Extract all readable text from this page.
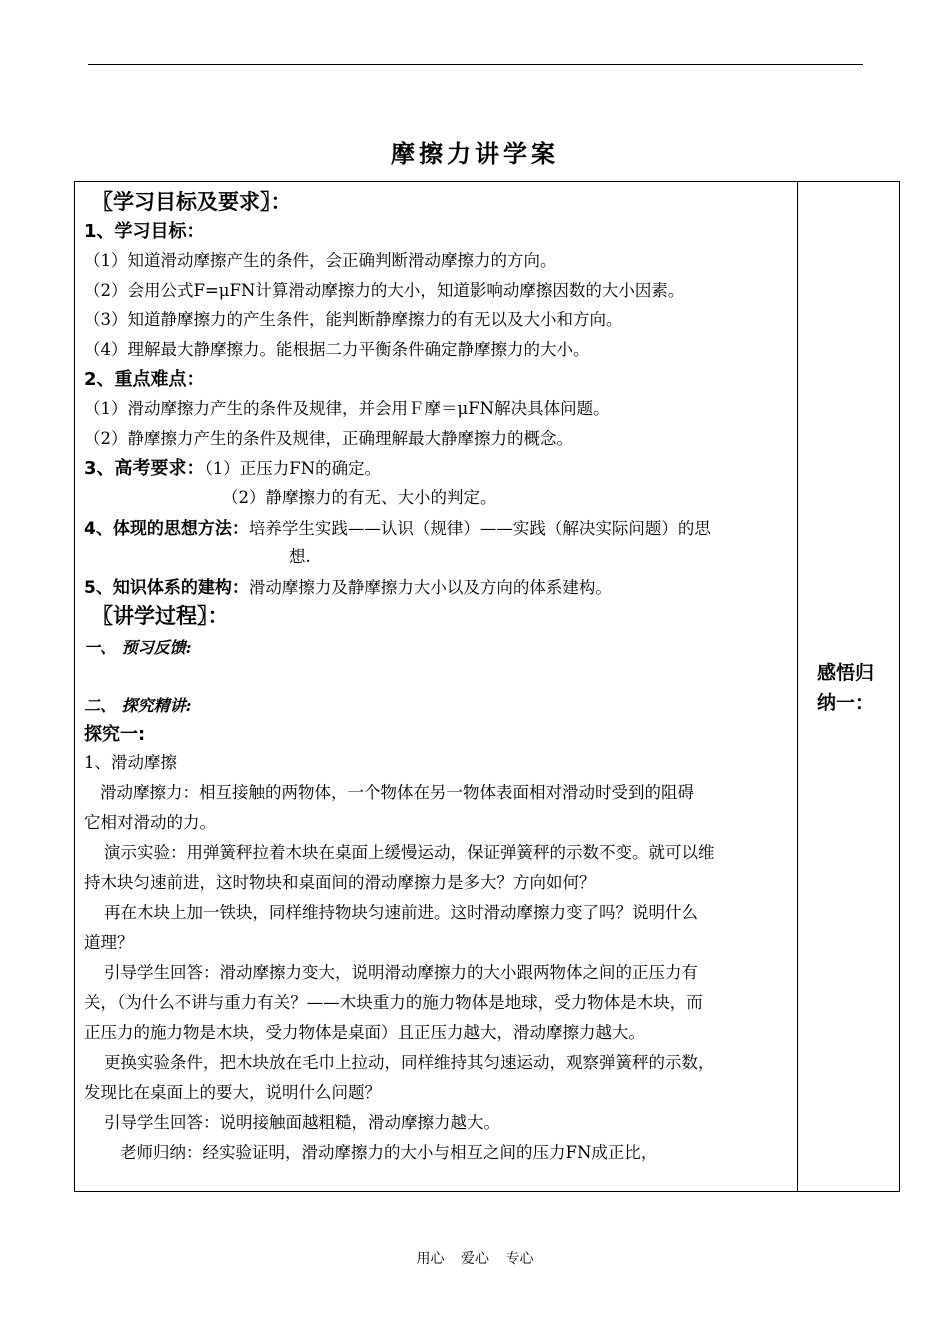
摩擦力讲学案
〖学习目标及要求〗：
1、学习目标：
（1）知道滑动摩擦产生的条件，会正确判断滑动摩擦力的方向。
（2）会用公式F=μFN计算滑动摩擦力的大小，知道影响动摩擦因数的大小因素。
（3）知道静摩擦力的产生条件，能判断静摩擦力的有无以及大小和方向。
（4）理解最大静摩擦力。能根据二力平衡条件确定静摩擦力的大小。
2、重点难点：
（1）滑动摩擦力产生的条件及规律，并会用Ｆ摩＝μFN解决具体问题。
（2）静摩擦力产生的条件及规律，正确理解最大静摩擦力的概念。
3、高考要求：（1）正压力FN的确定。
（2）静摩擦力的有无、大小的判定。
4、体现的思想方法：培养学生实践——认识（规律）——实践（解决实际问题）的思
想.
5、知识体系的建构：滑动摩擦力及静摩擦力大小以及方向的体系建构。
〖讲学过程〗：
一、 预习反馈:
二、 探究精讲:
探究一:
1、滑动摩擦
滑动摩擦力：相互接触的两物体，一个物体在另一物体表面相对滑动时受到的阻碍
它相对滑动的力。
演示实验：用弹簧秤拉着木块在桌面上缓慢运动，保证弹簧秤的示数不变。就可以维
持木块匀速前进，这时物块和桌面间的滑动摩擦力是多大？方向如何？
再在木块上加一铁块，同样维持物块匀速前进。这时滑动摩擦力变了吗？说明什么
道理？
引导学生回答：滑动摩擦力变大，说明滑动摩擦力的大小跟两物体之间的正压力有
关，（为什么不讲与重力有关？——木块重力的施力物体是地球，受力物体是木块，而
正压力的施力物是木块，受力物体是桌面）且正压力越大，滑动摩擦力越大。
更换实验条件，把木块放在毛巾上拉动，同样维持其匀速运动，观察弹簧秤的示数，
发现比在桌面上的要大，说明什么问题？
引导学生回答：说明接触面越粗糙，滑动摩擦力越大。
老师归纳：经实验证明，滑动摩擦力的大小与相互之间的压力FN成正比，
感悟归
纳一：
用心 爱心 专心
